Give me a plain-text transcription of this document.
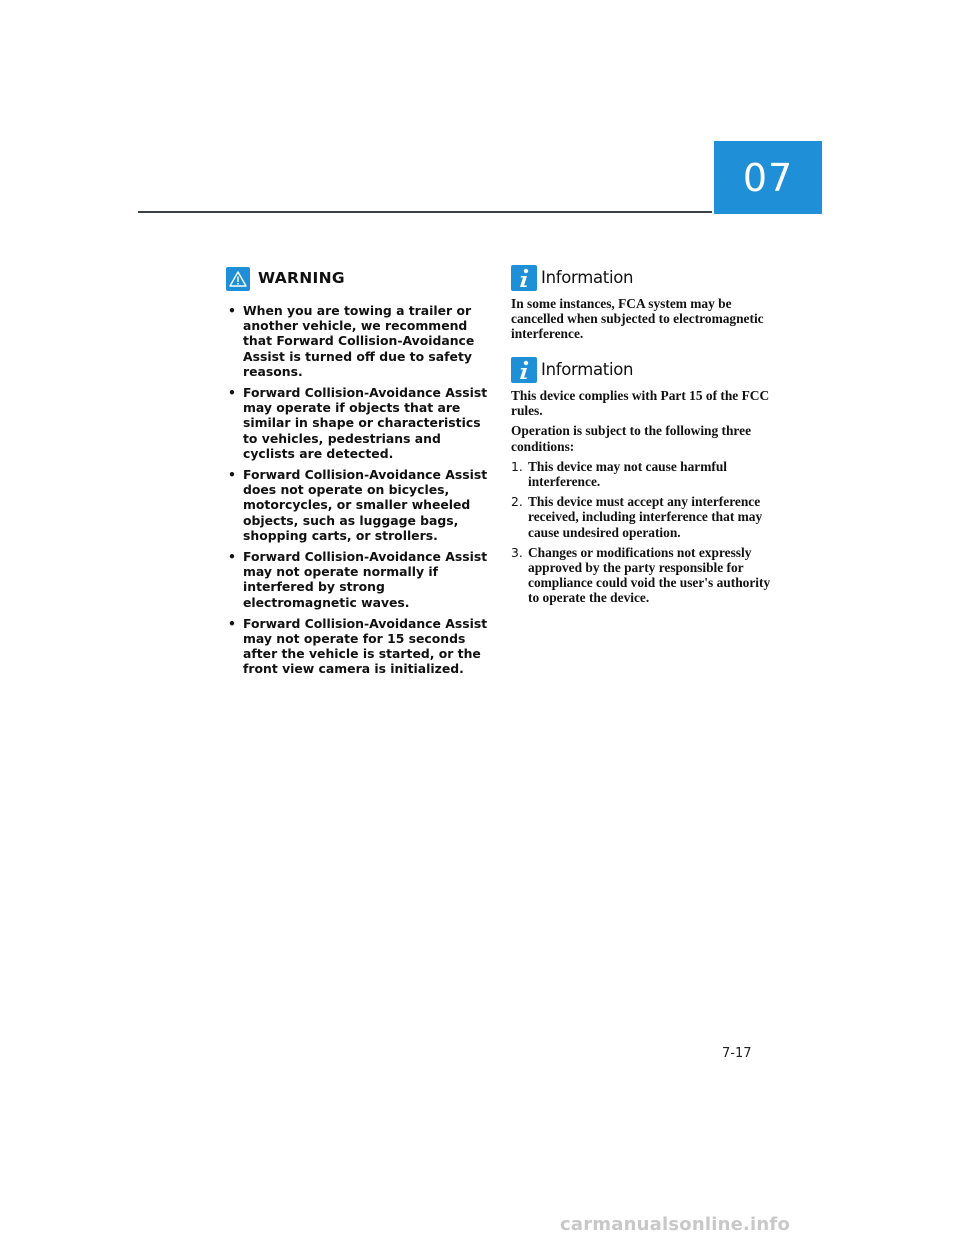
07
WARNING
• When you are towing a trailer or another vehicle, we recommend that Forward Collision-Avoidance Assist is turned off due to safety reasons.
• Forward Collision-Avoidance Assist may operate if objects that are similar in shape or characteristics to vehicles, pedestrians and cyclists are detected.
• Forward Collision-Avoidance Assist does not operate on bicycles, motorcycles, or smaller wheeled objects, such as luggage bags, shopping carts, or strollers.
• Forward Collision-Avoidance Assist may not operate normally if interfered by strong electromagnetic waves.
• Forward Collision-Avoidance Assist may not operate for 15 seconds after the vehicle is started, or the front view camera is initialized.
Information

In some instances, FCA system may be cancelled when subjected to electromagnetic interference.

Information

This device complies with Part 15 of the FCC rules.

Operation is subject to the following three conditions:

1. This device may not cause harmful interference.
2. This device must accept any interference received, including interference that may cause undesired operation.
3. Changes or modifications not expressly approved by the party responsible for compliance could void the user's authority to operate the device.
7-17
carmanualsonline.info
